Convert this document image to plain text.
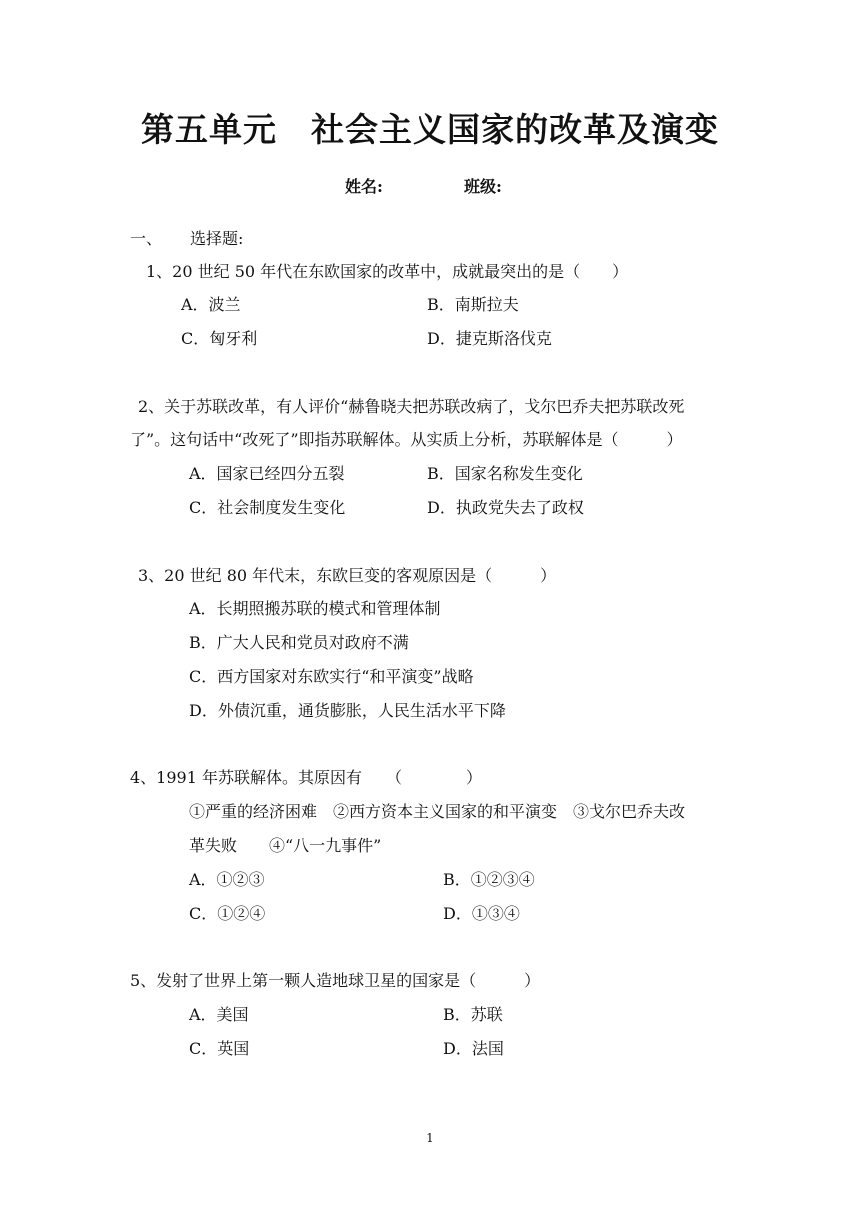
第五单元 社会主义国家的改革及演变
姓名:	班级:
一、 选择题:
1、20 世纪 50 年代在东欧国家的改革中，成就最突出的是（　　）
A．波兰	B．南斯拉夫
C．匈牙利	D．捷克斯洛伐克
2、关于苏联改革，有人评价“赫鲁晓夫把苏联改病了，戈尔巴乔夫把苏联改死
了”。这句话中“改死了”即指苏联解体。从实质上分析，苏联解体是（　　　）
A．国家已经四分五裂	B．国家名称发生变化
C．社会制度发生变化	D．执政党失去了政权
3、20 世纪 80 年代末，东欧巨变的客观原因是（　　　）
A．长期照搬苏联的模式和管理体制
B．广大人民和党员对政府不满
C．西方国家对东欧实行“和平演变”战略
D．外债沉重，通货膨胀，人民生活水平下降
4、1991 年苏联解体。其原因有　　（　　　　）
①严重的经济困难　②西方资本主义国家的和平演变　③戈尔巴乔夫改
革失败　　④“八一九事件”
A．①②③	B．①②③④
C．①②④	D．①③④
5、发射了世界上第一颗人造地球卫星的国家是（　　　）
A．美国	B．苏联
C．英国	D．法国
1
